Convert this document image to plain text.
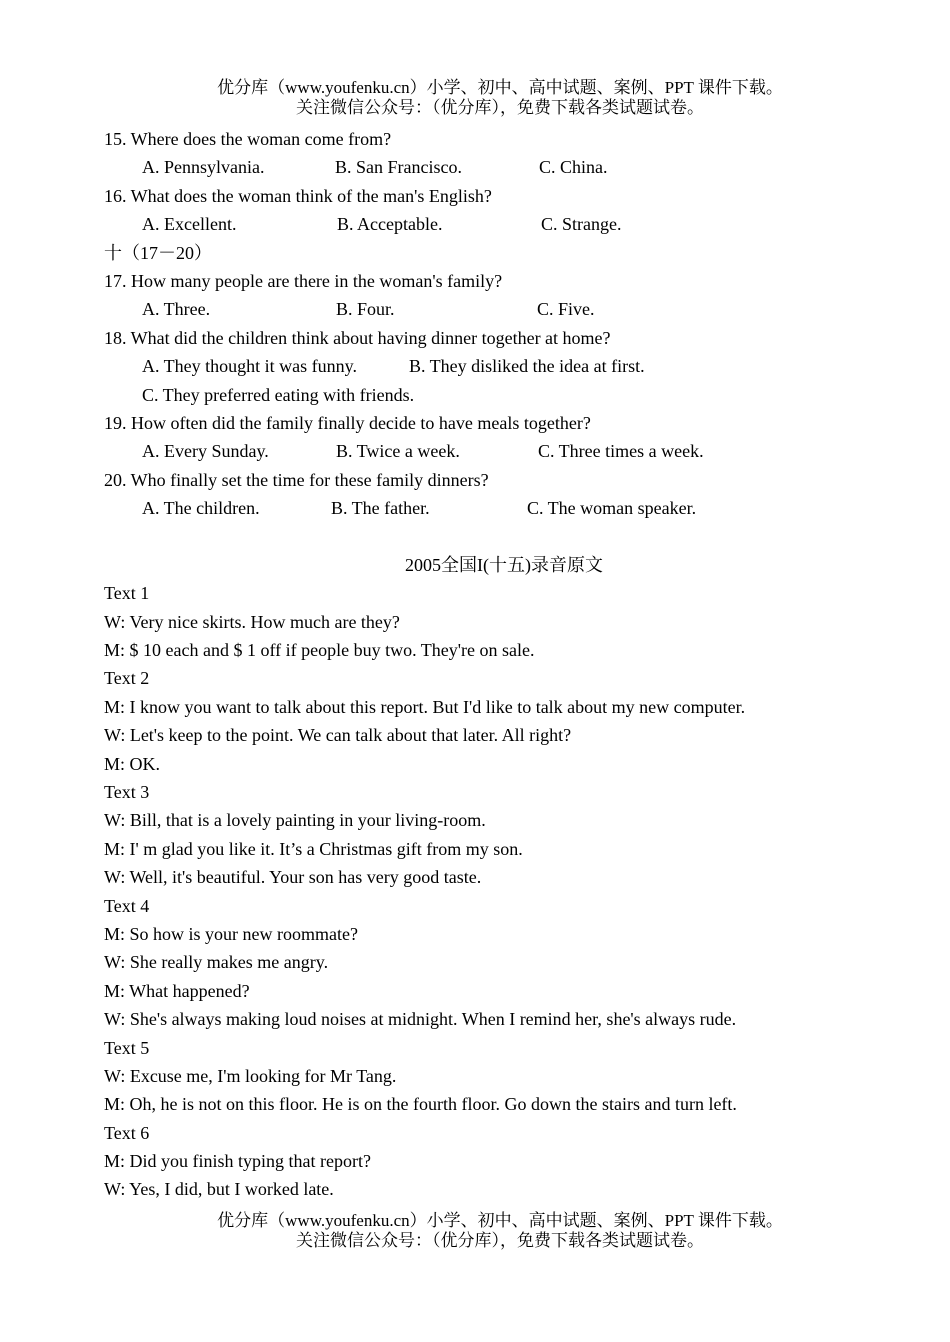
优分库（www.youfenku.cn）小学、初中、高中试题、案例、PPT 课件下载。
关注微信公众号：（优分库），免费下载各类试题试卷。
15. Where does the woman come from?
A. Pennsylvania.	B. San Francisco.	C. China.
16. What does the woman think of the man's English?
A. Excellent.	B. Acceptable.	C. Strange.
十（17－20）
17. How many people are there in the woman's family?
A. Three.	B. Four.	C. Five.
18. What did the children think about having dinner together at home?
A. They thought it was funny.	B. They disliked the idea at first.
C. They preferred eating with friends.
19. How often did the family finally decide to have meals together?
A. Every Sunday.	B. Twice a week.	C. Three times a week.
20. Who finally set the time for these family dinners?
A. The children.	B. The father.	C. The woman speaker.
2005全国I(十五)录音原文
Text 1
W: Very nice skirts. How much are they?
M: $ 10 each and $ 1 off if people buy two. They're on sale.
Text 2
M: I know you want to talk about this report. But I'd like to talk about my new computer.
W: Let's keep to the point. We can talk about that later. All right?
M: OK.
Text 3
W: Bill, that is a lovely painting in your living-room.
M: I' m glad you like it. It’s a Christmas gift from my son.
W: Well, it's beautiful. Your son has very good taste.
Text 4
M: So how is your new roommate?
W: She really makes me angry.
M: What happened?
W: She's always making loud noises at midnight. When I remind her, she's always rude.
Text 5
W: Excuse me, I'm looking for Mr Tang.
M: Oh, he is not on this floor. He is on the fourth floor. Go down the stairs and turn left.
Text 6
M: Did you finish typing that report?
W: Yes, I did, but I worked late.
优分库（www.youfenku.cn）小学、初中、高中试题、案例、PPT 课件下载。
关注微信公众号：（优分库），免费下载各类试题试卷。
